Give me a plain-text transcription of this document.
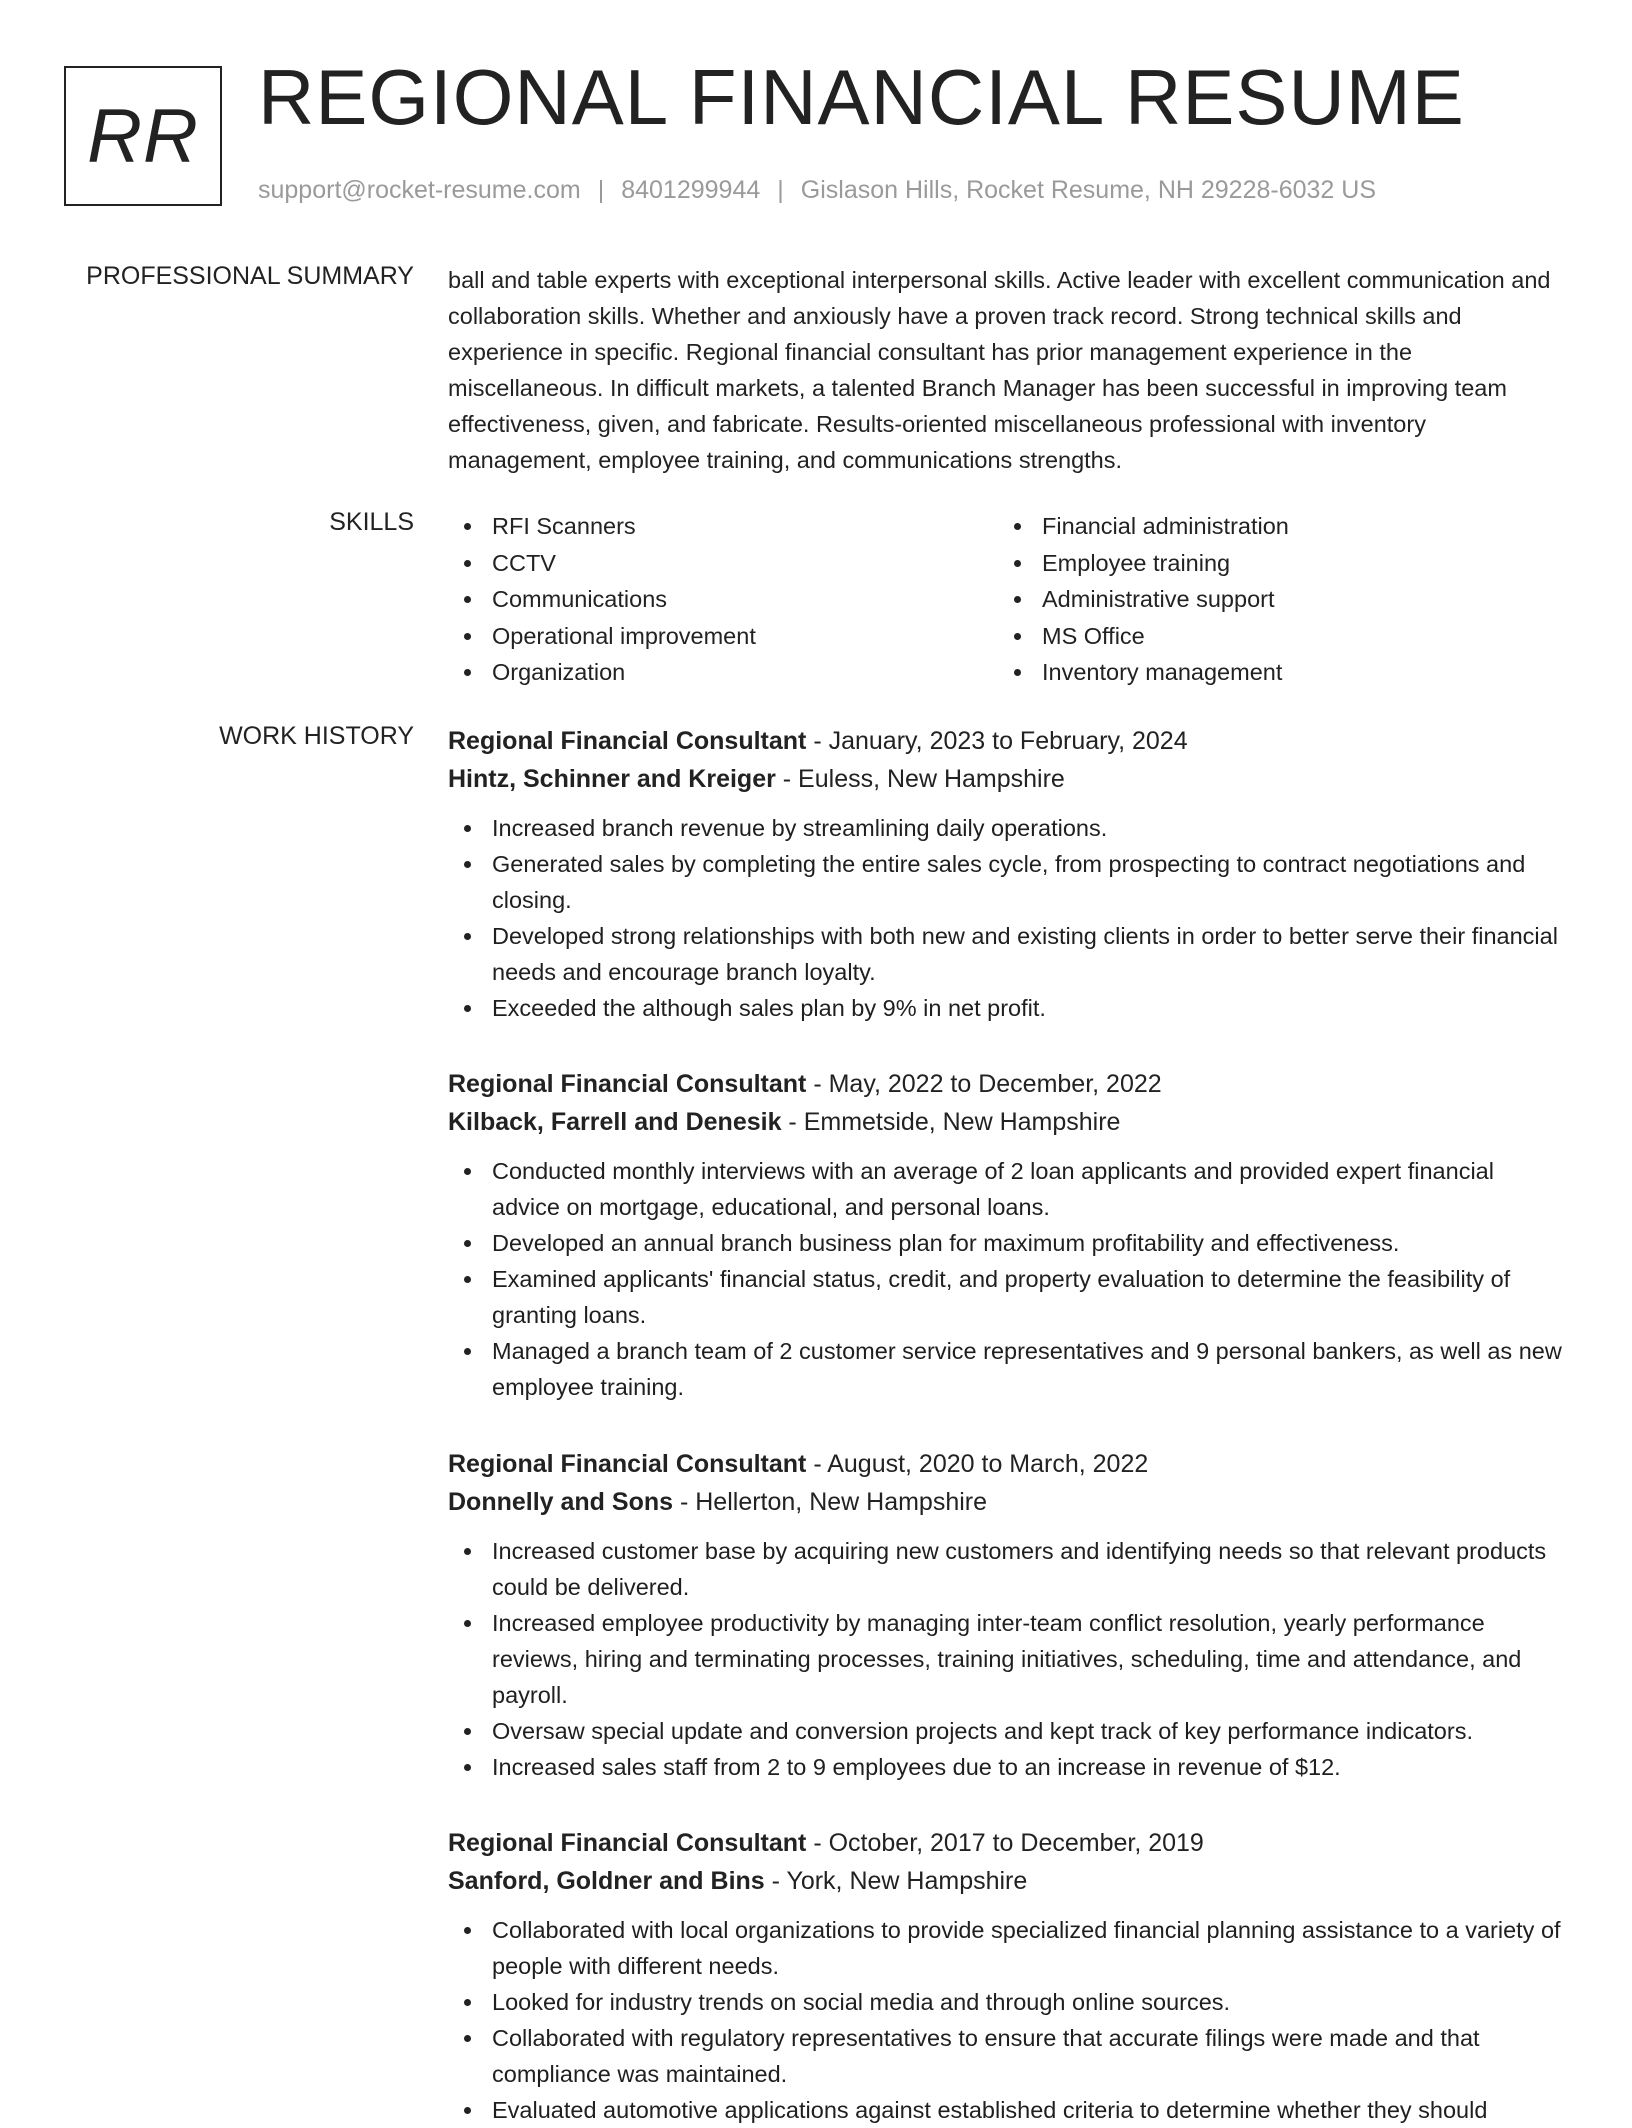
RR REGIONAL FINANCIAL RESUME
support@rocket-resume.com | 8401299944 | Gislason Hills, Rocket Resume, NH 29228-6032 US
PROFESSIONAL SUMMARY ball and table experts with exceptional interpersonal skills. Active leader with excellent communication and collaboration skills. Whether and anxiously have a proven track record. Strong technical skills and experience in specific. Regional financial consultant has prior management experience in the miscellaneous. In difficult markets, a talented Branch Manager has been successful in improving team effectiveness, given, and fabricate. Results-oriented miscellaneous professional with inventory management, employee training, and communications strengths.
SKILLS	RFI Scanners
CCTV
Communications
Operational improvement
Organization
Financial administration
Employee training
Administrative support
MS Office
Inventory management
WORK HISTORY Regional Financial Consultant - January, 2023 to February, 2024
Hintz, Schinner and Kreiger - Euless, New Hampshire
Increased branch revenue by streamlining daily operations.
Generated sales by completing the entire sales cycle, from prospecting to contract negotiations and closing.
Developed strong relationships with both new and existing clients in order to better serve their financial needs and encourage branch loyalty.
Exceeded the although sales plan by 9% in net profit.
Regional Financial Consultant - May, 2022 to December, 2022
Kilback, Farrell and Denesik - Emmetside, New Hampshire
Conducted monthly interviews with an average of 2 loan applicants and provided expert financial advice on mortgage, educational, and personal loans.
Developed an annual branch business plan for maximum profitability and effectiveness.
Examined applicants' financial status, credit, and property evaluation to determine the feasibility of granting loans.
Managed a branch team of 2 customer service representatives and 9 personal bankers, as well as new employee training.
Regional Financial Consultant - August, 2020 to March, 2022
Donnelly and Sons - Hellerton, New Hampshire
Increased customer base by acquiring new customers and identifying needs so that relevant products could be delivered.
Increased employee productivity by managing inter-team conflict resolution, yearly performance reviews, hiring and terminating processes, training initiatives, scheduling, time and attendance, and payroll.
Oversaw special update and conversion projects and kept track of key performance indicators.
Increased sales staff from 2 to 9 employees due to an increase in revenue of $12.
Regional Financial Consultant - October, 2017 to December, 2019
Sanford, Goldner and Bins - York, New Hampshire
Collaborated with local organizations to provide specialized financial planning assistance to a variety of people with different needs.
Looked for industry trends on social media and through online sources.
Collaborated with regulatory representatives to ensure that accurate filings were made and that compliance was maintained.
Evaluated automotive applications against established criteria to determine whether they should
